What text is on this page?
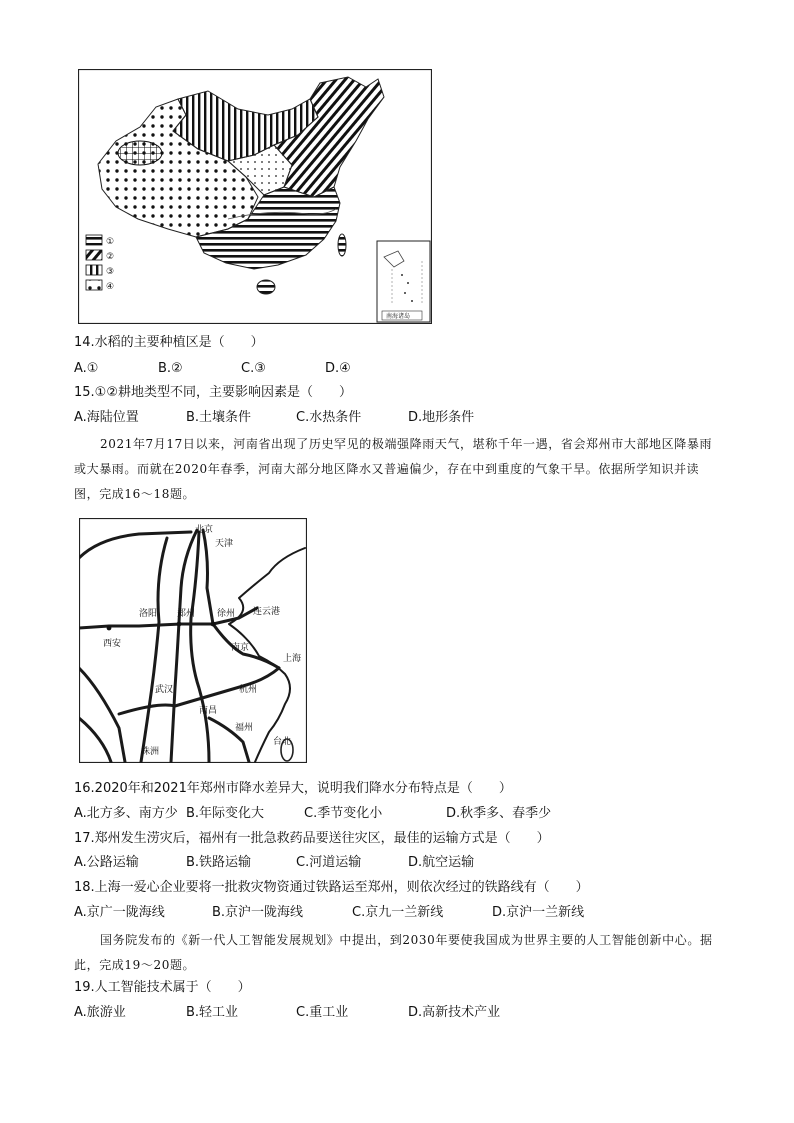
①
②
③
④
南海诸岛
14.水稻的主要种植区是（　　）
A.①	B.②	C.③	D.④
15.①②耕地类型不同，主要影响因素是（　　）
A.海陆位置	B.土壤条件	C.水热条件	D.地形条件
2021年7月17日以来，河南省出现了历史罕见的极端强降雨天气，堪称千年一遇，省会郑州市大部地区降暴雨或大暴雨。而就在2020年春季，河南大部分地区降水又普遍偏少，存在中到重度的气象干旱。依据所学知识并读图，完成16～18题。
北京
天津
洛阳 郑州 徐州 连云港
西安	南京
上海
武汉	杭州
南昌
福州
株洲
台北
16.2020年和2021年郑州市降水差异大，说明我们降水分布特点是（　　）
A.北方多、南方少 B.年际变化大	C.季节变化小	D.秋季多、春季少
17.郑州发生涝灾后，福州有一批急救药品要送往灾区，最佳的运输方式是（　　）
A.公路运输	B.铁路运输	C.河道运输	D.航空运输
18.上海一爱心企业要将一批救灾物资通过铁路运至郑州，则依次经过的铁路线有（　　）
A.京广一陇海线	B.京沪一陇海线	C.京九一兰新线	D.京沪一兰新线
国务院发布的《新一代人工智能发展规划》中提出，到2030年要使我国成为世界主要的人工智能创新中心。据此，完成19～20题。
19.人工智能技术属于（　　）
A.旅游业	B.轻工业	C.重工业	D.高新技术产业
